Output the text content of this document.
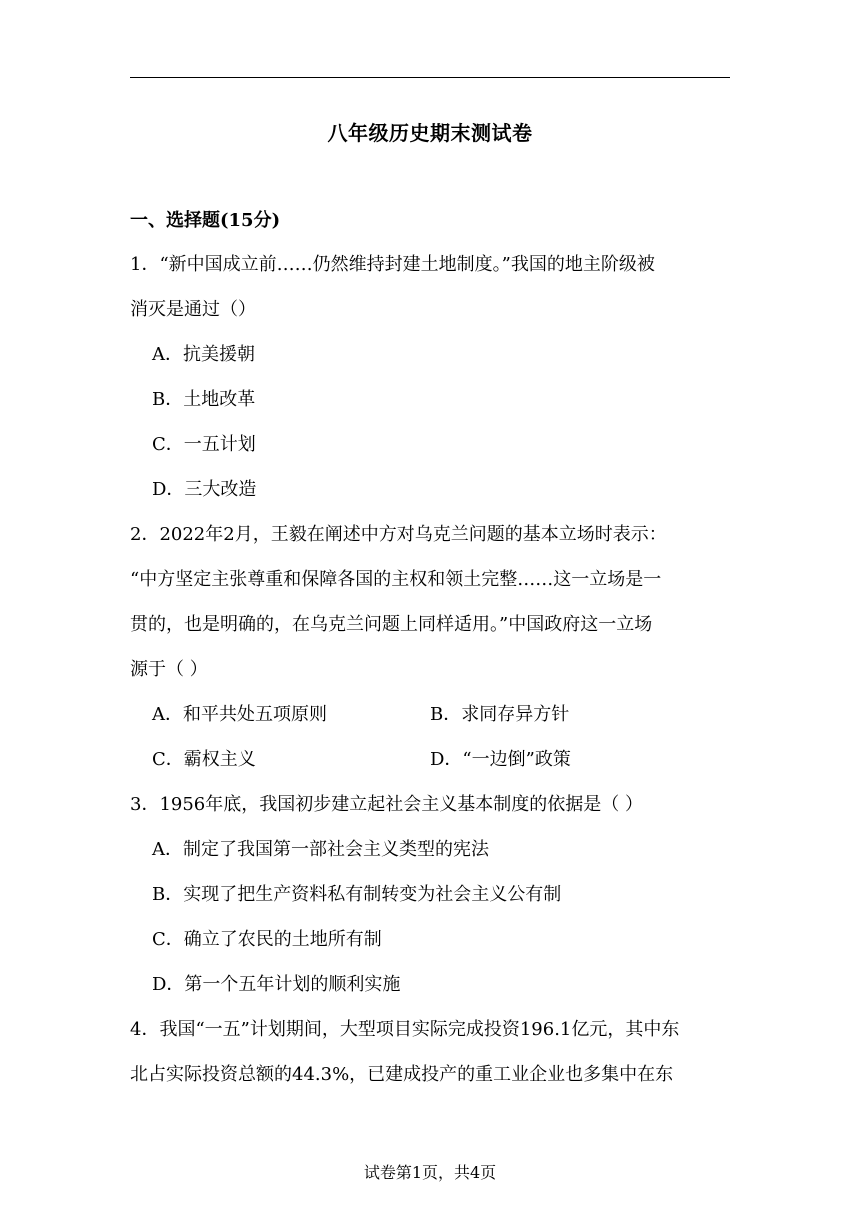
八年级历史期末测试卷
一、选择题(15分)
1．“新中国成立前……仍然维持封建土地制度。”我国的地主阶级被
消灭是通过（）
A．抗美援朝
B．土地改革
C．一五计划
D．三大改造
2．2022年2月，王毅在阐述中方对乌克兰问题的基本立场时表示：
“中方坚定主张尊重和保障各国的主权和领土完整……这一立场是一
贯的，也是明确的，在乌克兰问题上同样适用。”中国政府这一立场
源于（ ）
A．和平共处五项原则	B．求同存异方针
C．霸权主义	D．“一边倒”政策
3．1956年底，我国初步建立起社会主义基本制度的依据是（ ）
A．制定了我国第一部社会主义类型的宪法
B．实现了把生产资料私有制转变为社会主义公有制
C．确立了农民的土地所有制
D．第一个五年计划的顺利实施
4．我国“一五”计划期间，大型项目实际完成投资196.1亿元，其中东
北占实际投资总额的44.3%，已建成投产的重工业企业也多集中在东
试卷第1页，共4页
